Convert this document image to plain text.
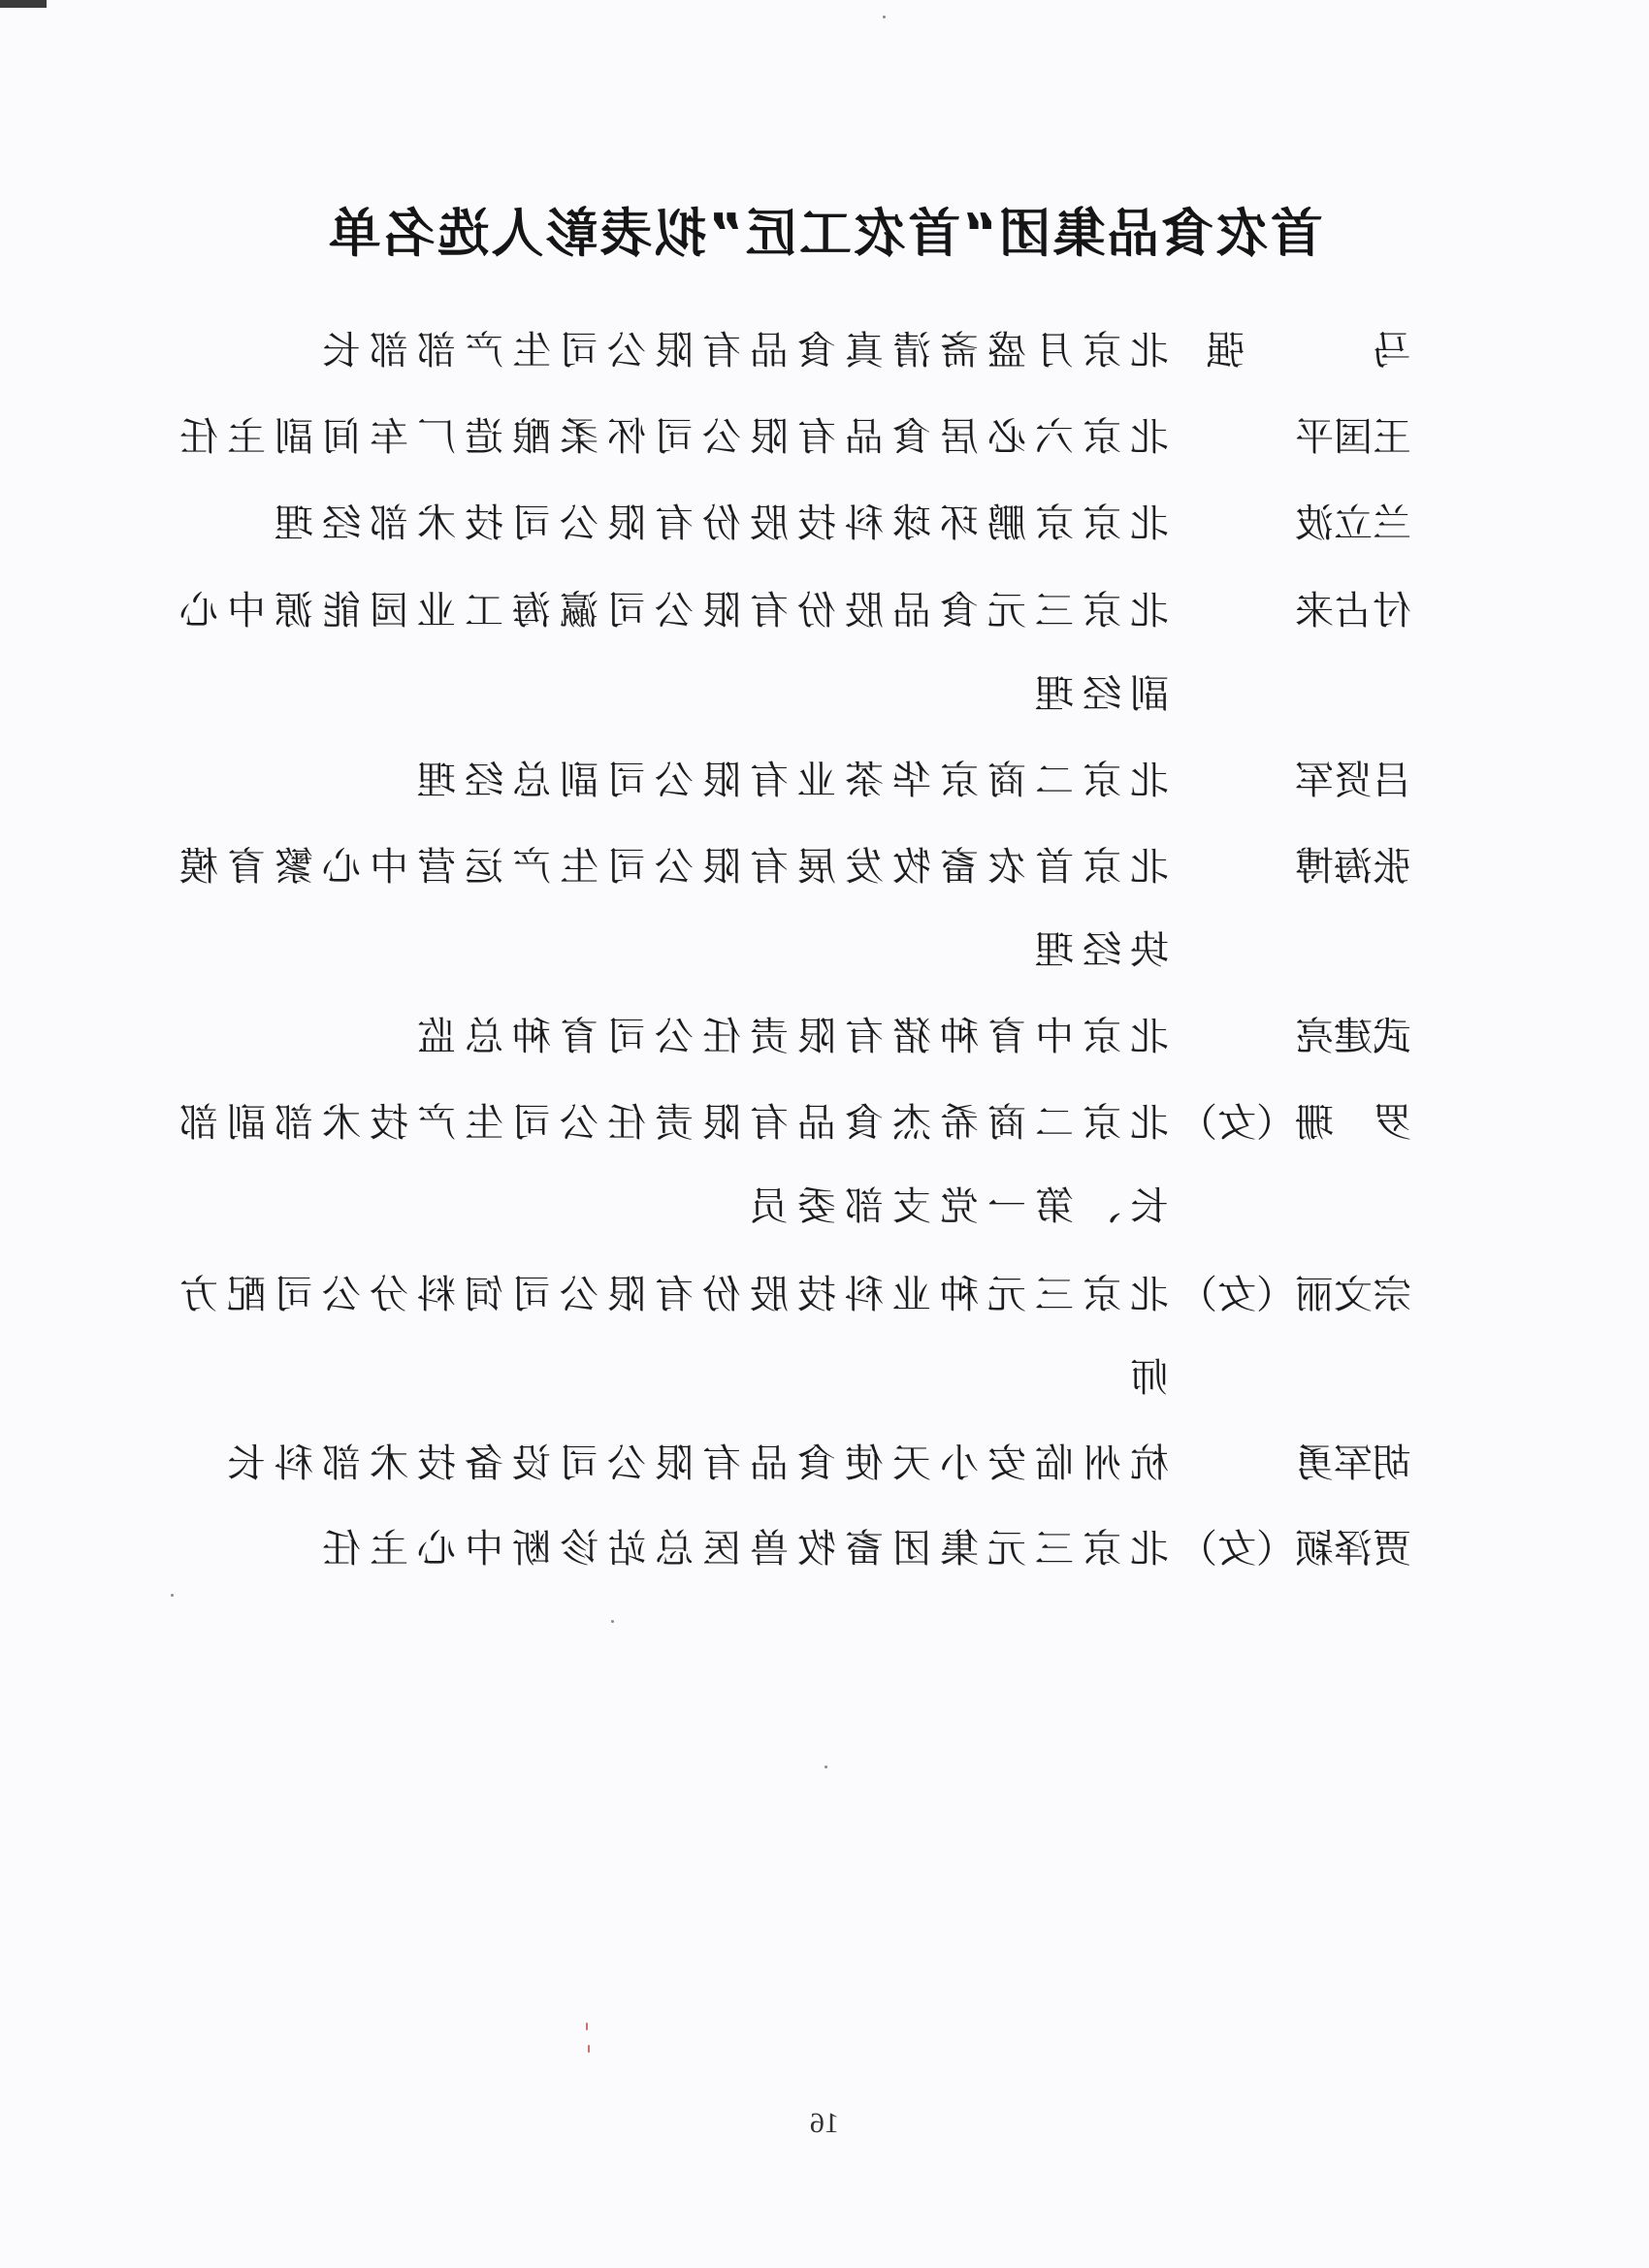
首农食品集团“首农工匠”拟表彰人选名单
马　强
北京月盛斋清真食品有限公司生产部部长
王国平
北京六必居食品有限公司怀柔酿造厂车间副主任
兰立波
北京京鹏环球科技股份有限公司技术部经理
付占来
北京三元食品股份有限公司瀛海工业园能源中心副经理
吕贤军
北京二商京华茶业有限公司副总经理
张海博
北京首农畜牧发展有限公司生产运营中心繁育模块经理
武建亮
北京中育种猪有限责任公司育种总监
罗　珊（女）
北京二商希杰食品有限责任公司生产技术部副部长、第一党支部委员
宗文丽（女）
北京三元种业科技股份有限公司饲料分公司配方师
胡军勇
杭州临安小天使食品有限公司设备技术部科长
贾泽颖（女）
北京三元集团畜牧兽医总站诊断中心主任
16
